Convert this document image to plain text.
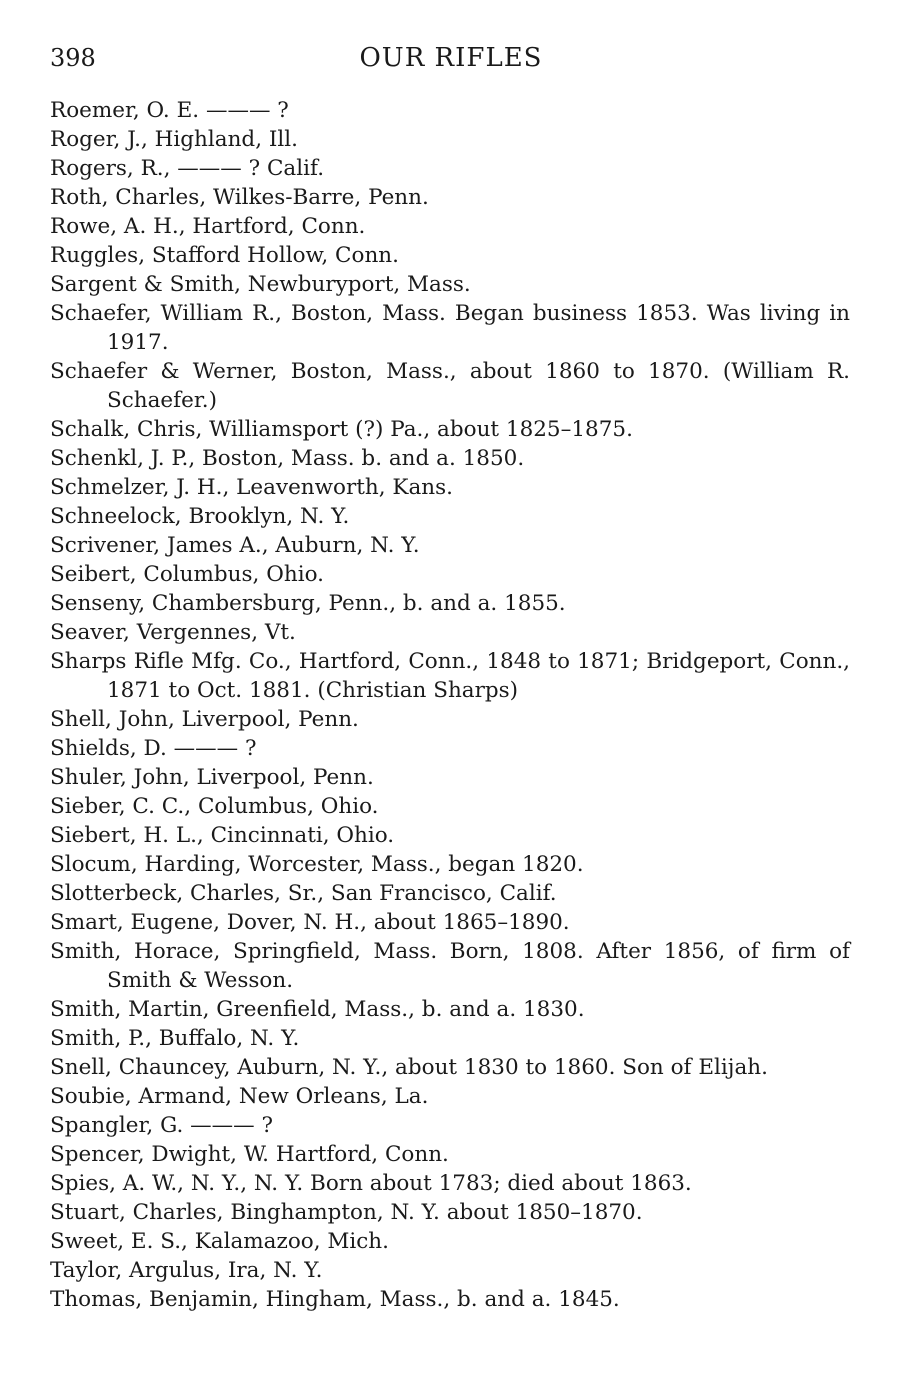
398	OUR RIFLES

Roemer, O. E. ——— ?

Roger, J., Highland, Ill.

Rogers, R., ——— ? Calif.

Roth, Charles, Wilkes-Barre, Penn.

Rowe, A. H., Hartford, Conn.

Ruggles, Stafford Hollow, Conn.

Sargent & Smith, Newburyport, Mass.

Schaefer, William R., Boston, Mass. Began business 1853. Was living in 1917.

Schaefer & Werner, Boston, Mass., about 1860 to 1870. (William R. Schaefer.)

Schalk, Chris, Williamsport (?) Pa., about 1825–1875.

Schenkl, J. P., Boston, Mass. b. and a. 1850.

Schmelzer, J. H., Leavenworth, Kans.

Schneelock, Brooklyn, N. Y.

Scrivener, James A., Auburn, N. Y.

Seibert, Columbus, Ohio.

Senseny, Chambersburg, Penn., b. and a. 1855.

Seaver, Vergennes, Vt.

Sharps Rifle Mfg. Co., Hartford, Conn., 1848 to 1871; Bridgeport, Conn., 1871 to Oct. 1881. (Christian Sharps)

Shell, John, Liverpool, Penn.

Shields, D. ——— ?

Shuler, John, Liverpool, Penn.

Sieber, C. C., Columbus, Ohio.

Siebert, H. L., Cincinnati, Ohio.

Slocum, Harding, Worcester, Mass., began 1820.

Slotterbeck, Charles, Sr., San Francisco, Calif.

Smart, Eugene, Dover, N. H., about 1865–1890.

Smith, Horace, Springfield, Mass. Born, 1808. After 1856, of firm of Smith & Wesson.

Smith, Martin, Greenfield, Mass., b. and a. 1830.

Smith, P., Buffalo, N. Y.

Snell, Chauncey, Auburn, N. Y., about 1830 to 1860. Son of Elijah.

Soubie, Armand, New Orleans, La.

Spangler, G. ——— ?

Spencer, Dwight, W. Hartford, Conn.

Spies, A. W., N. Y., N. Y. Born about 1783; died about 1863.

Stuart, Charles, Binghampton, N. Y. about 1850–1870.

Sweet, E. S., Kalamazoo, Mich.

Taylor, Argulus, Ira, N. Y.

Thomas, Benjamin, Hingham, Mass., b. and a. 1845.
